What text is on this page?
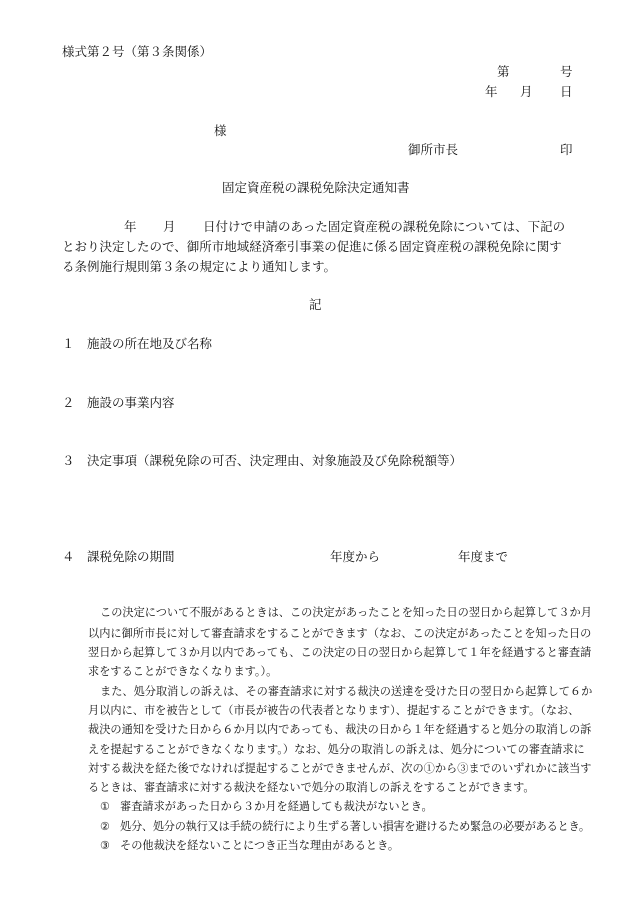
様式第２号（第３条関係）
第	号
年 月 日
様
御所市長	印
固定資産税の課税免除決定通知書
年 月 日付けで申請のあった固定資産税の課税免除については、下記の
とおり決定したので、御所市地域経済牽引事業の促進に係る固定資産税の課税免除に関す
る条例施行規則第３条の規定により通知します。
記
１ 施設の所在地及び名称
２ 施設の事業内容
３ 決定事項（課税免除の可否、決定理由、対象施設及び免除税額等）
４ 課税免除の期間	年度から	年度まで
この決定について不服があるときは、この決定があったことを知った日の翌日から起算して３か月
以内に御所市長に対して審査請求をすることができます（なお、この決定があったことを知った日の
翌日から起算して３か月以内であっても、この決定の日の翌日から起算して１年を経過すると審査請
求をすることができなくなります。）。
また、処分取消しの訴えは、その審査請求に対する裁決の送達を受けた日の翌日から起算して６か
月以内に、市を被告として（市長が被告の代表者となります）、提起することができます。（なお、
裁決の通知を受けた日から６か月以内であっても、裁決の日から１年を経過すると処分の取消しの訴
えを提起することができなくなります。）なお、処分の取消しの訴えは、処分についての審査請求に
対する裁決を経た後でなければ提起することができませんが、次の①から③までのいずれかに該当す
るときは、審査請求に対する裁決を経ないで処分の取消しの訴えをすることができます。
① 審査請求があった日から３か月を経過しても裁決がないとき。
② 処分、処分の執行又は手続の続行により生ずる著しい損害を避けるため緊急の必要があるとき。
③ その他裁決を経ないことにつき正当な理由があるとき。
